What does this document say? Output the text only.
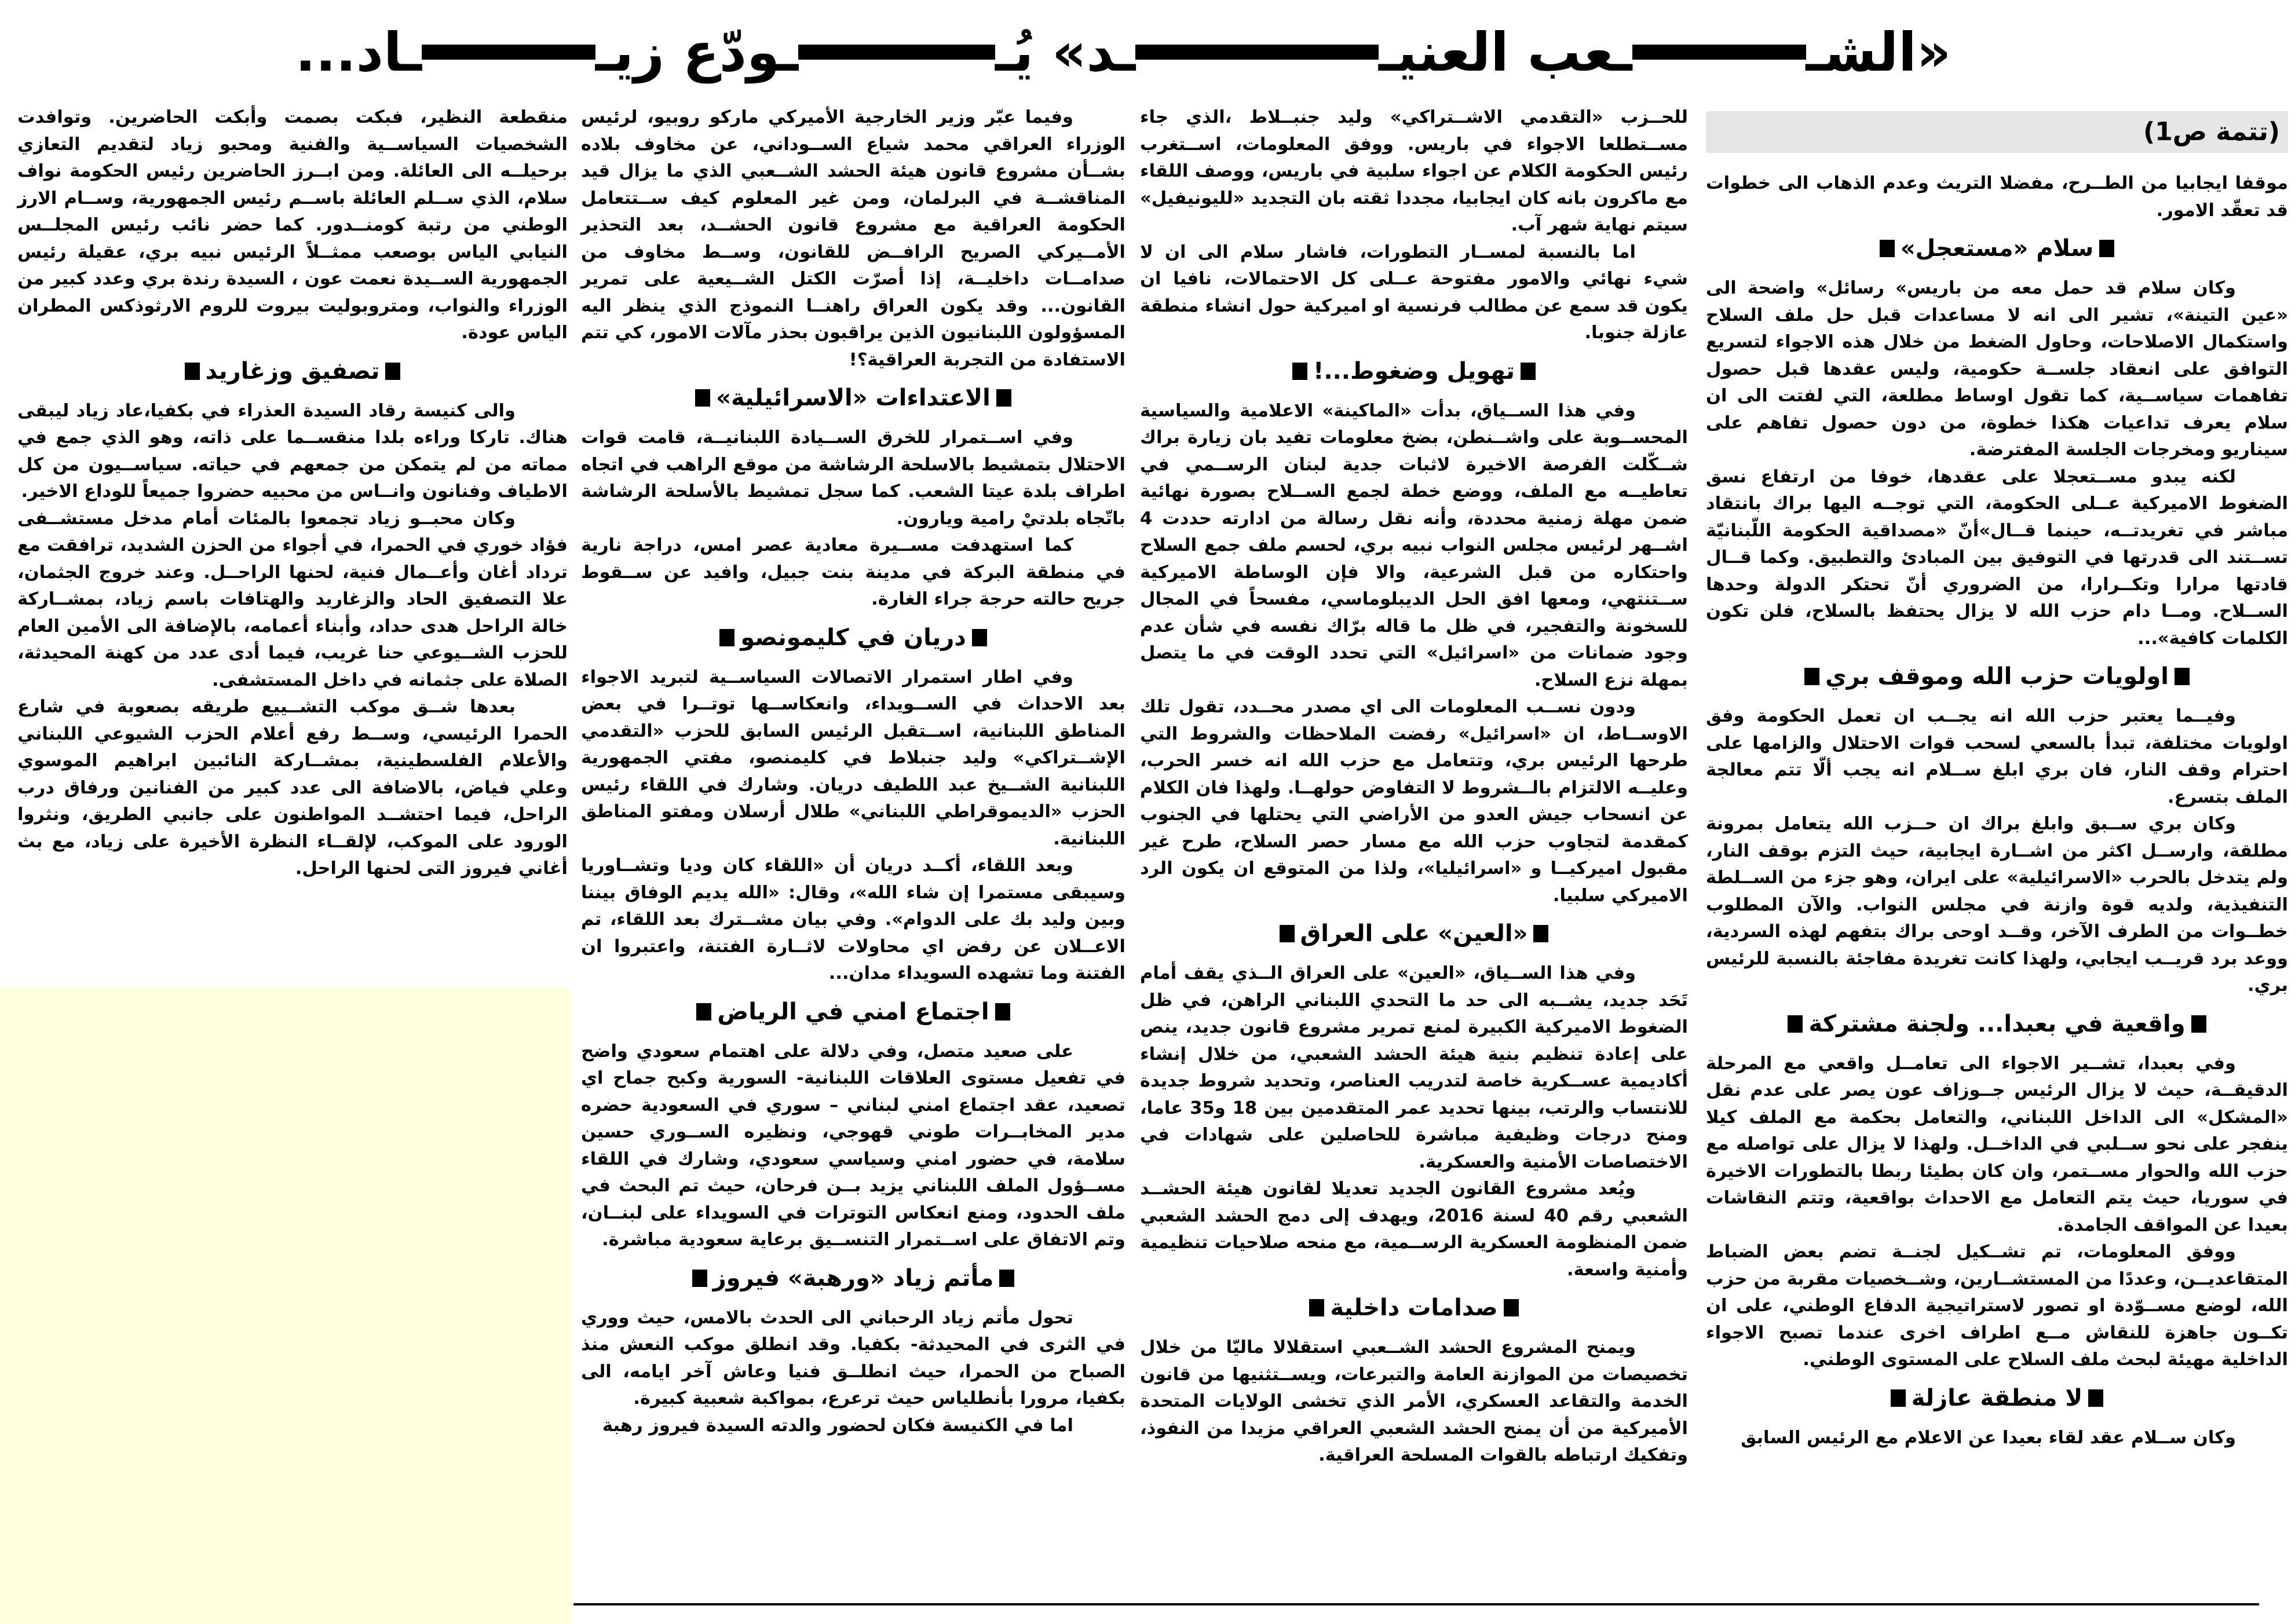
«
الشـ
ـعب العنيـ
ـد» يُـ
ـودّع زيـ
ـاد...
(تتمة ص1)

موقفا ايجابيا من الطــرح، مفضلا التريث وعدم الذهاب الى خطوات قد تعقّد الامور.

سلام «مستعجل»

وكان سلام قد حمل معه من باريس» رسائل» واضحة الى «عين التينة»، تشير الى انه لا مساعدات قبل حل ملف السلاح واستكمال الاصلاحات، وحاول الضغط من خلال هذه الاجواء لتسريع التوافق على انعقاد جلســة حكومية، وليس عقدها قبل حصول تفاهمات سياســية، كما تقول اوساط مطلعة، التي لفتت الى ان سلام يعرف تداعيات هكذا خطوة، من دون حصول تفاهم على سيناريو ومخرجات الجلسة المفترضة.

لكنه يبدو مســتعجلا على عقدها، خوفا من ارتفاع نسق الضغوط الاميركية عــلى الحكومة، التي توجــه اليها براك بانتقاد مباشر في تغريدتــه، حينما قــال»أنّ «مصداقية الحكومة اللّبنانيّة تســتند الى قدرتها في التوفيق بين المبادئ والتطبيق. وكما قــال قادتها مرارا وتكــرارا، من الضروري أنّ تحتكر الدولة وحدها الســلاح. ومــا دام حزب الله لا يزال يحتفظ بالسلاح، فلن تكون الكلمات كافية»...

اولويات حزب الله وموقف بري

وفيــما يعتبر حزب الله انه يجــب ان تعمل الحكومة وفق اولويات مختلفة، تبدأ بالسعي لسحب قوات الاحتلال والزامها على احترام وقف النار، فان بري ابلغ ســلام انه يجب ألّا تتم معالجة الملف بتسرع.

وكان بري ســبق وابلغ براك ان حــزب الله يتعامل بمرونة مطلقة، وارســل اكثر من اشــارة ايجابية، حيث التزم بوقف النار، ولم يتدخل بالحرب «الاسرائيلية» على ايران، وهو جزء من الســلطة التنفيذية، ولديه قوة وازنة في مجلس النواب. والآن المطلوب خطــوات من الطرف الآخر، وقــد اوحى براك بتفهم لهذه السردية، ووعد برد قريــب ايجابي، ولهذا كانت تغريدة مفاجئة بالنسبة للرئيس بري.

واقعية في بعبدا... ولجنة مشتركة

وفي بعبدا، تشــير الاجواء الى تعامــل واقعي مع المرحلة الدقيقــة، حيث لا يزال الرئيس جــوزاف عون يصر على عدم نقل «المشكل» الى الداخل اللبناني، والتعامل بحكمة مع الملف كيلا ينفجر على نحو ســلبي في الداخــل. ولهذا لا يزال على تواصله مع حزب الله والحوار مســتمر، وان كان بطيئا ربطا بالتطورات الاخيرة في سوريا، حيث يتم التعامل مع الاحداث بواقعية، وتتم النقاشات بعيدا عن المواقف الجامدة.

ووفق المعلومات، تم تشــكيل لجنــة تضم بعض الضباط المتقاعديــن، وعددًا من المستشــارين، وشــخصيات مقربة من حزب الله، لوضع مســوّدة او تصور لاستراتيجية الدفاع الوطني، على ان تكــون جاهزة للنقاش مــع اطراف اخرى عندما تصبح الاجواء الداخلية مهيئة لبحث ملف السلاح على المستوى الوطني.

لا منطقة عازلة

وكان ســلام عقد لقاء بعيدا عن الاعلام مع الرئيس السابق

للحــزب «التقدمي الاشــتراكي» وليد جنبــلاط ،الذي جاء مســتطلعا الاجواء في باريس. ووفق المعلومات، اســتغرب رئيس الحكومة الكلام عن اجواء سلبية في باريس، ووصف اللقاء مع ماكرون بانه كان ايجابيا، مجددا ثقته بان التجديد «لليونيفيل» سيتم نهاية شهر آب.

اما بالنسبة لمســار التطورات، فاشار سلام الى ان لا شيء نهائي والامور مفتوحة عــلى كل الاحتمالات، نافيا ان يكون قد سمع عن مطالب فرنسية او اميركية حول انشاء منطقة عازلة جنوبا.

تهويل وضغوط...!

وفي هذا الســياق، بدأت «الماكينة» الاعلامية والسياسية المحســوبة على واشــنطن، بضخ معلومات تفيد بان زيارة براك شــكّلت الفرصة الاخيرة لاثبات جدية لبنان الرســمي في تعاطيــه مع الملف، ووضع خطة لجمع الســلاح بصورة نهائية ضمن مهلة زمنية محددة، وأنه نقل رسالة من ادارته حددت 4 اشــهر لرئيس مجلس النواب نبيه بري، لحسم ملف جمع السلاح واحتكاره من قبل الشرعية، والا فإن الوساطة الاميركية ســتنتهي، ومعها افق الحل الديبلوماسي، مفسحاً في المجال للسخونة والتفجير، في ظل ما قاله برّاك نفسه في شأن عدم وجود ضمانات من «اسرائيل» التي تحدد الوقت في ما يتصل بمهلة نزع السلاح.

ودون نســب المعلومات الى اي مصدر محــدد، تقول تلك الاوســاط، ان «اسرائيل» رفضت الملاحظات والشروط التي طرحها الرئيس بري، وتتعامل مع حزب الله انه خسر الحرب، وعليــه الالتزام بالــشروط لا التفاوض حولهــا. ولهذا فان الكلام عن انسحاب جيش العدو من الأراضي التي يحتلها في الجنوب كمقدمة لتجاوب حزب الله مع مسار حصر السلاح، طرح غير مقبول اميركيــا و «اسرائيليا»، ولذا من المتوقع ان يكون الرد الاميركي سلبيا.

«العين» على العراق

وفي هذا الســياق، «العين» على العراق الــذي يقف أمام تَحَد جديد، يشــبه الى حد ما التحدي اللبناني الراهن، في ظل الضغوط الاميركية الكبيرة لمنع تمرير مشروع قانون جديد، ينص على إعادة تنظيم بنية هيئة الحشد الشعبي، من خلال إنشاء أكاديمية عســكرية خاصة لتدريب العناصر، وتحديد شروط جديدة للانتساب والرتب، بينها تحديد عمر المتقدمين بين 18 و35 عاما، ومنح درجات وظيفية مباشرة للحاصلين على شهادات في الاختصاصات الأمنية والعسكرية.

ويُعد مشروع القانون الجديد تعديلا لقانون هيئة الحشــد الشعبي رقم 40 لسنة 2016، ويهدف إلى دمج الحشد الشعبي ضمن المنظومة العسكرية الرســمية، مع منحه صلاحيات تنظيمية وأمنية واسعة.

صدامات داخلية

ويمنح المشروع الحشد الشــعبي استقلالا ماليّا من خلال تخصيصات من الموازنة العامة والتبرعات، ويســتثنيها من قانون الخدمة والتقاعد العسكري، الأمر الذي تخشى الولايات المتحدة الأميركية من أن يمنح الحشد الشعبي العراقي مزيدا من النفوذ، وتفكيك ارتباطه بالقوات المسلحة العراقية.

وفيما عبّر وزير الخارجية الأميركي ماركو روبيو، لرئيس الوزراء العراقي محمد شياع الســوداني، عن مخاوف بلاده بشــأن مشروع قانون هيئة الحشد الشــعبي الذي ما يزال قيد المناقشــة في البرلمان، ومن غير المعلوم كيف ســتتعامل الحكومة العراقية مع مشروع قانون الحشــد، بعد التحذير الأمــيركي الصريح الرافــض للقانون، وســط مخاوف من صدامــات داخليــة، إذا أصرّت الكتل الشــيعية على تمرير القانون... وقد يكون العراق راهنــا النموذج الذي ينظر اليه المسؤولون اللبنانيون الذين يراقبون بحذر مآلات الامور، كي تتم الاستفادة من التجربة العراقية؟!

الاعتداءات «الاسرائيلية»

وفي اســتمرار للخرق الســيادة اللبنانيــة، قامت قوات الاحتلال بتمشيط بالاسلحة الرشاشة من موقع الراهب في اتجاه اطراف بلدة عيتا الشعب. كما سجل تمشيط بالأسلحة الرشاشة باتّجاه بلدتيْ رامية ويارون.

كما استهدفت مســيرة معادية عصر امس، دراجة نارية في منطقة البركة في مدينة بنت جبيل، وافيد عن ســقوط جريح حالته حرجة جراء الغارة.

دريان في كليمونصو

وفي اطار استمرار الاتصالات السياســية لتبريد الاجواء بعد الاحداث في الســويداء، وانعكاســها توتــرا في بعض المناطق اللبنانية، اســتقبل الرئيس السابق للحزب «التقدمي الإشــتراكي» وليد جنبلاط في كليمنصو، مفتي الجمهورية اللبنانية الشــيخ عبد اللطيف دريان. وشارك في اللقاء رئيس الحزب «الديموقراطي اللبناني» طلال أرسلان ومفتو المناطق اللبنانية.

وبعد اللقاء، أكــد دريان أن «اللقاء كان وديا وتشــاوريا وسيبقى مستمرا إن شاء الله»، وقال: «الله يديم الوفاق بيننا وبين وليد بك على الدوام». وفي بيان مشــترك بعد اللقاء، تم الاعــلان عن رفض اي محاولات لاثــارة الفتنة، واعتبروا ان الفتنة وما تشهده السويداء مدان...

اجتماع امني في الرياض

على صعيد متصل، وفي دلالة على اهتمام سعودي واضح في تفعيل مستوى العلاقات اللبنانية- السورية وكبح جماح اي تصعيد، عقد اجتماع امني لبناني – سوري في السعودية حضره مدير المخابــرات طوني قهوجي، ونظيره الســوري حسين سلامة، في حضور امني وسياسي سعودي، وشارك في اللقاء مســؤول الملف اللبناني يزيد بــن فرحان، حيث تم البحث في ملف الحدود، ومنع انعكاس التوترات في السويداء على لبنــان، وتم الاتفاق على اســتمرار التنســيق برعاية سعودية مباشرة.

مأتم زياد «ورهبة» فيروز

تحول مأتم زياد الرحباني الى الحدث بالامس، حيث ووري في الثرى في المحيدثة- بكفيا. وقد انطلق موكب النعش منذ الصباح من الحمرا، حيث انطلــق فنيا وعاش آخر ايامه، الى بكفيا، مرورا بأنطلياس حيث ترعرع، بمواكبة شعبية كبيرة.

اما في الكنيسة فكان لحضور والدته السيدة فيروز رهبة

منقطعة النظير، فبكت بصمت وأبكت الحاضرين. وتوافدت الشخصيات السياســية والفنية ومحبو زياد لتقديم التعازي برحيلــه الى العائلة. ومن ابــرز الحاضرين رئيس الحكومة نواف سلام، الذي ســلم العائلة باســم رئيس الجمهورية، وســام الارز الوطني من رتبة كومنــدور. كما حضر نائب رئيس المجلــس النيابي الياس بوصعب ممثــلاً الرئيس نبيه بري، عقيلة رئيس الجمهورية الســيدة نعمت عون ، السيدة رندة بري وعدد كبير من الوزراء والنواب، ومتروبوليت بيروت للروم الارثوذكس المطران الياس عودة.

تصفيق وزغاريد

والى كنيسة رقاد السيدة العذراء في بكفيا،عاد زياد ليبقى هناك. تاركا وراءه بلدا منقســما على ذاته، وهو الذي جمع في مماته من لم يتمكن من جمعهم في حياته. سياســيون من كل الاطياف وفنانون وانــاس من محبيه حضروا جميعاً للوداع الاخير.

وكان محبــو زياد تجمعوا بالمئات أمام مدخل مستشــفى فؤاد خوري في الحمرا، في أجواء من الحزن الشديد، ترافقت مع ترداد أغان وأعــمال فنية، لحنها الراحــل. وعند خروج الجثمان، علا التصفيق الحاد والزغاريد والهتافات باسم زياد، بمشــاركة خالة الراحل هدى حداد، وأبناء أعمامه، بالإضافة الى الأمين العام للحزب الشــيوعي حنا غريب، فيما أدى عدد من كهنة المحيدثة، الصلاة على جثمانه في داخل المستشفى.

بعدها شــق موكب التشــييع طريقه بصعوبة في شارع الحمرا الرئيسي، وســط رفع أعلام الحزب الشيوعي اللبناني والأعلام الفلسطينية، بمشــاركة النائبين ابراهيم الموسوي وعلي فياض، بالاضافة الى عدد كبير من الفنانين ورفاق درب الراحل، فيما احتشــد المواطنون على جانبي الطريق، ونثروا الورود على الموكب، لإلقــاء النظرة الأخيرة على زياد، مع بث أغاني فيروز التى لحنها الراحل.
